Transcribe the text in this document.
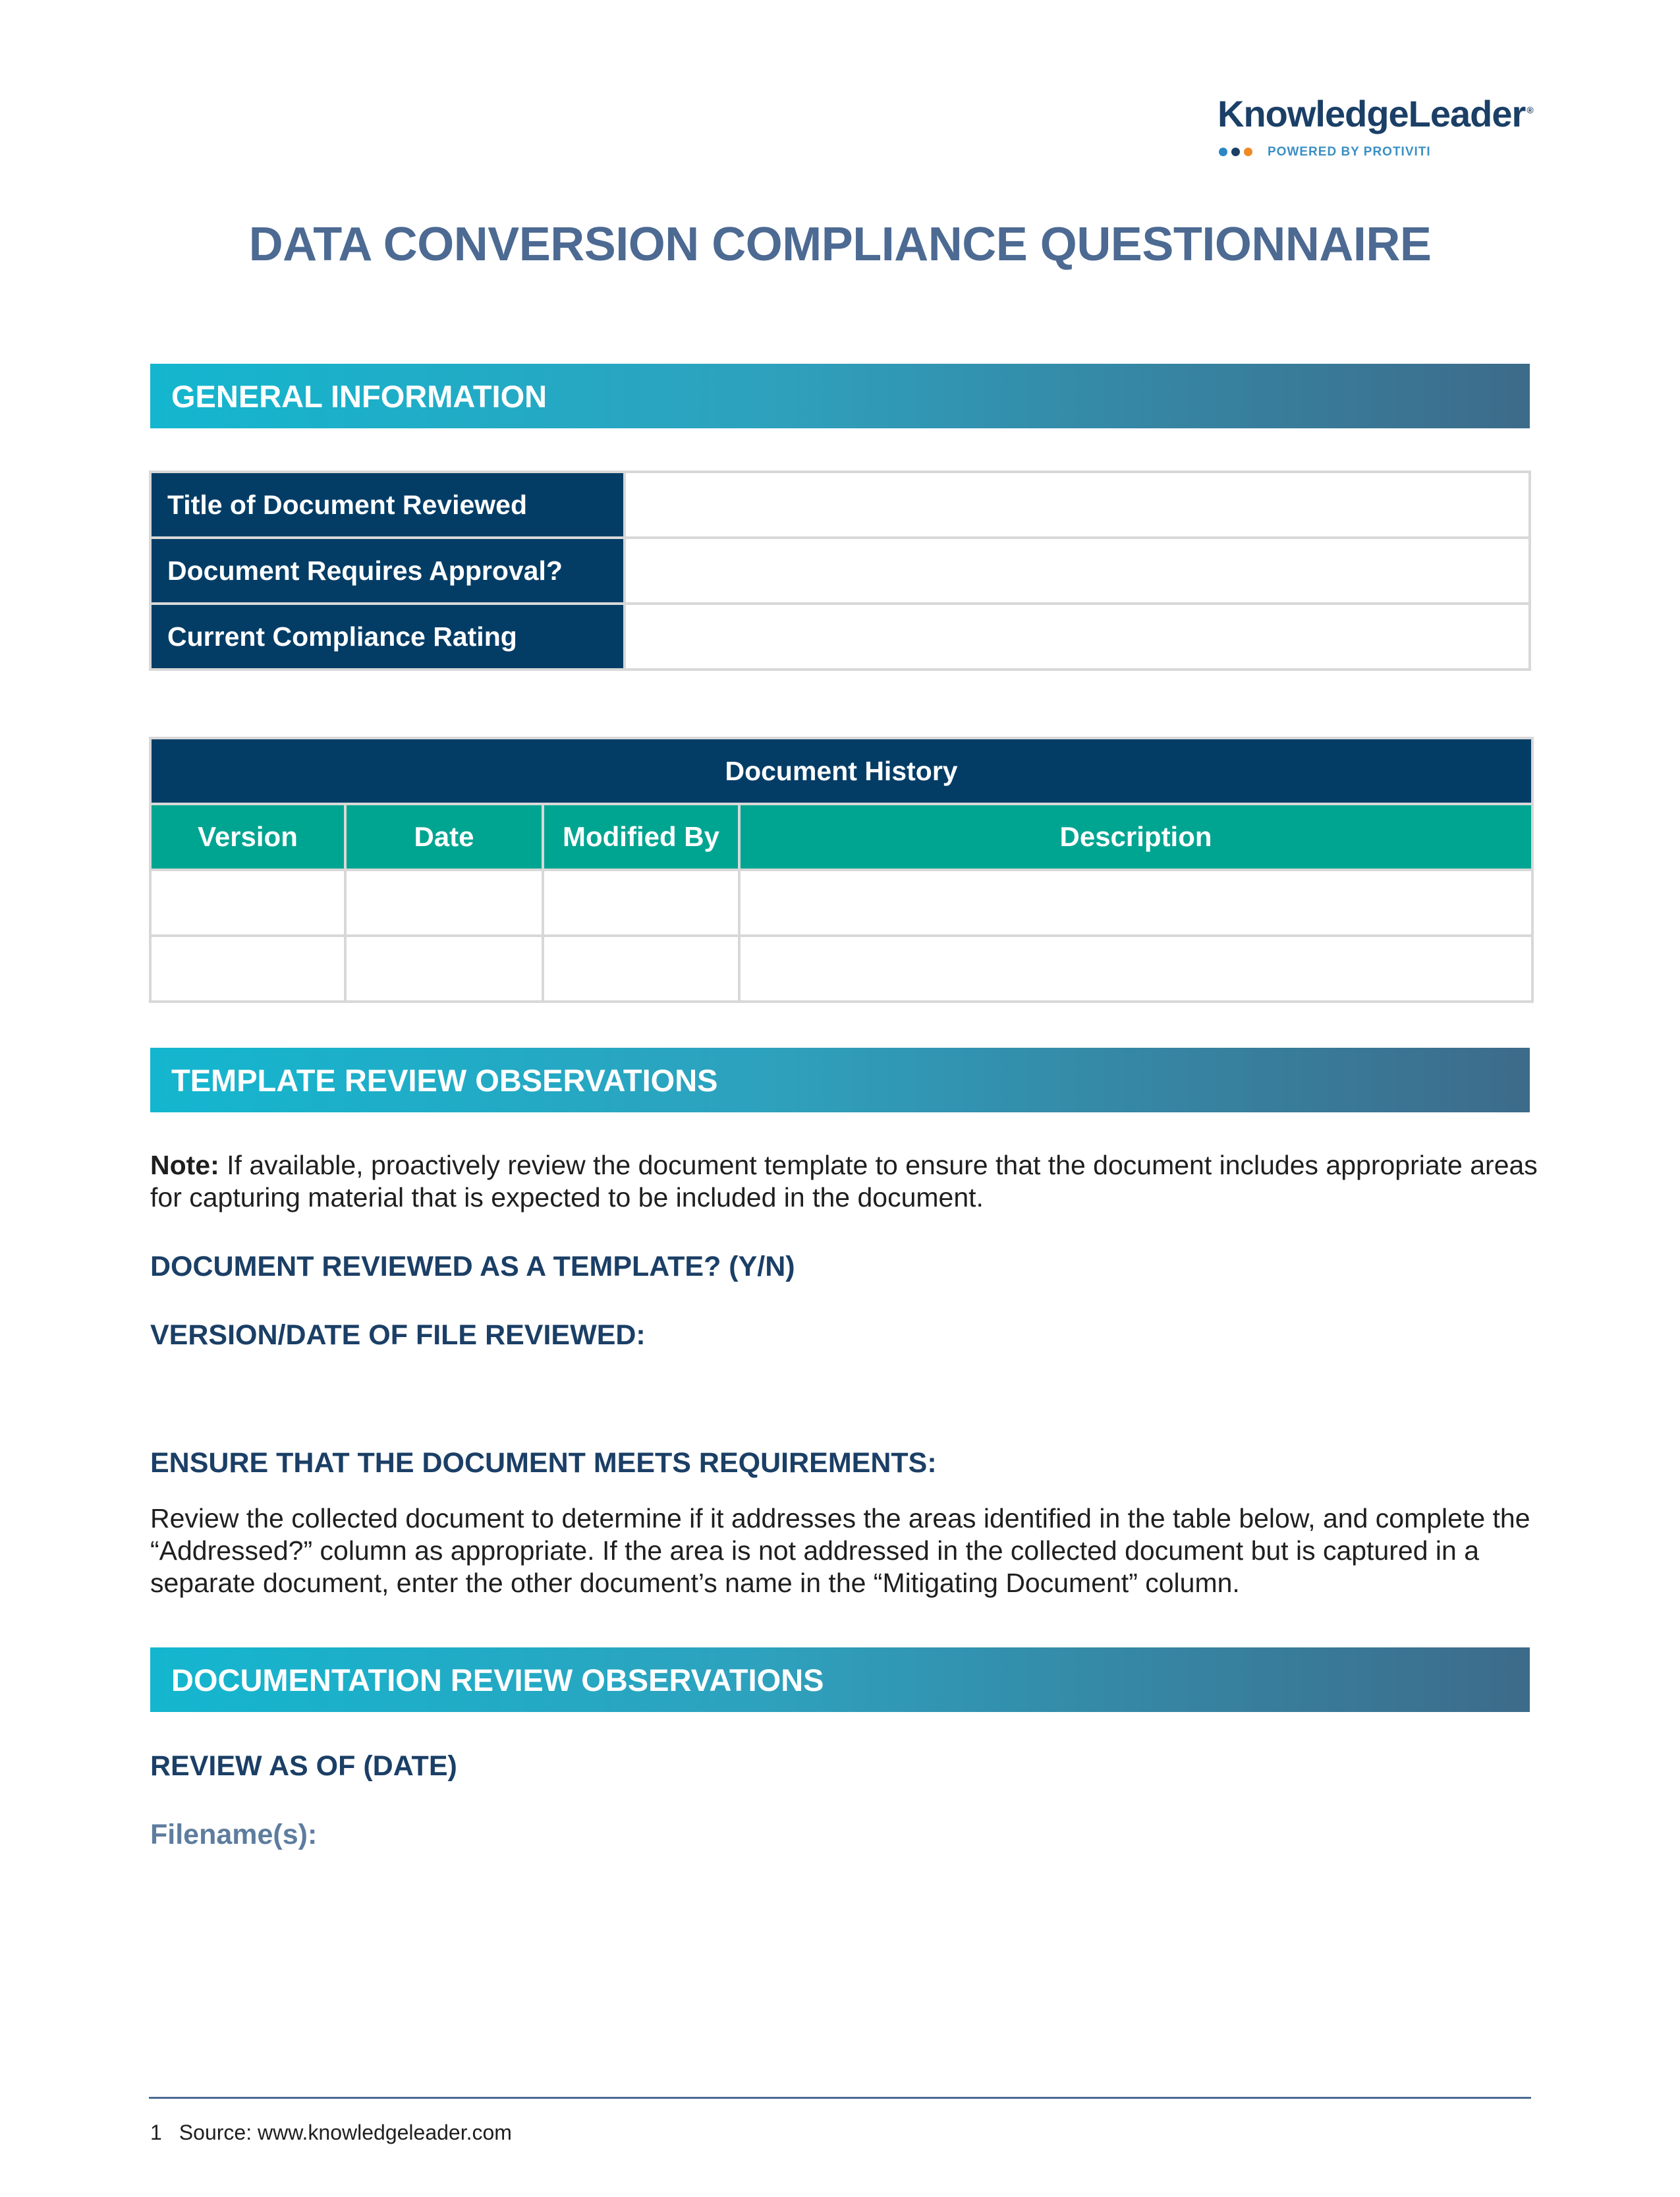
KnowledgeLeader ®
POWERED BY PROTIVITI
DATA CONVERSION COMPLIANCE QUESTIONNAIRE
GENERAL INFORMATION
Title of Document Reviewed	
Document Requires Approval?	
Current Compliance Rating	
Document History			
Version	Date	Modified By	Description

TEMPLATE REVIEW OBSERVATIONS
Note: If available, proactively review the document template to ensure that the document includes appropriate areas for capturing material that is expected to be included in the document.
DOCUMENT REVIEWED AS A TEMPLATE? (Y/N)
VERSION/DATE OF FILE REVIEWED:
ENSURE THAT THE DOCUMENT MEETS REQUIREMENTS:
Review the collected document to determine if it addresses the areas identified in the table below, and complete the “Addressed?” column as appropriate. If the area is not addressed in the collected document but is captured in a separate document, enter the other document’s name in the “Mitigating Document” column.
DOCUMENTATION REVIEW OBSERVATIONS
REVIEW AS OF (DATE)
Filename(s):
1 Source: www.knowledgeleader.com
